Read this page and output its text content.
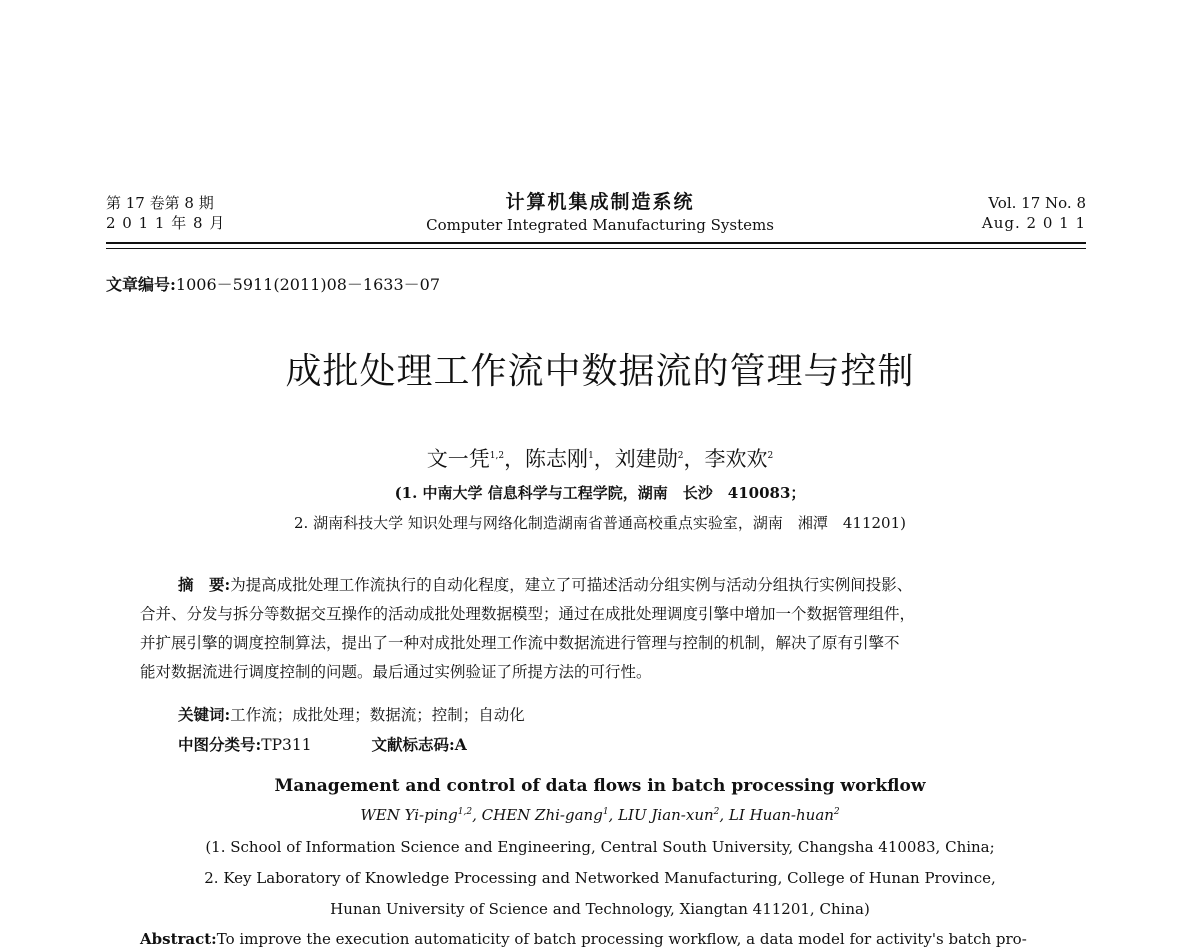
第 17 卷第 8 期
2 0 1 1 年 8 月
计算机集成制造系统
Computer Integrated Manufacturing Systems
Vol. 17 No. 8
Aug. 2 0 1 1
文章编号:1006－5911(2011)08－1633－07
成批处理工作流中数据流的管理与控制
文一凭$^{1,2}$，陈志刚$^1$，刘建勋$^2$，李欢欢$^2$
(1. 中南大学 信息科学与工程学院，湖南　长沙　410083；
2. 湖南科技大学 知识处理与网络化制造湖南省普通高校重点实验室，湖南　湘潭　411201)
摘　要:为提高成批处理工作流执行的自动化程度，建立了可描述活动分组实例与活动分组执行实例间投影、
合并、分发与拆分等数据交互操作的活动成批处理数据模型；通过在成批处理调度引擎中增加一个数据管理组件，
并扩展引擎的调度控制算法，提出了一种对成批处理工作流中数据流进行管理与控制的机制，解决了原有引擎不
能对数据流进行调度控制的问题。最后通过实例验证了所提方法的可行性。
关键词:工作流；成批处理；数据流；控制；自动化
中图分类号:TP311	文献标志码:A
Management and control of data flows in batch processing workflow
WEN Yi-ping$^{1,2}$, CHEN Zhi-gang$^1$, LIU Jian-xun$^2$, LI Huan-huan$^2$
(1. School of Information Science and Engineering, Central South University, Changsha 410083, China;
2. Key Laboratory of Knowledge Processing and Networked Manufacturing, College of Hunan Province,
Hunan University of Science and Technology, Xiangtan 411201, China)
Abstract:To improve the execution automaticity of batch processing workflow, a data model for activity's batch pro-
